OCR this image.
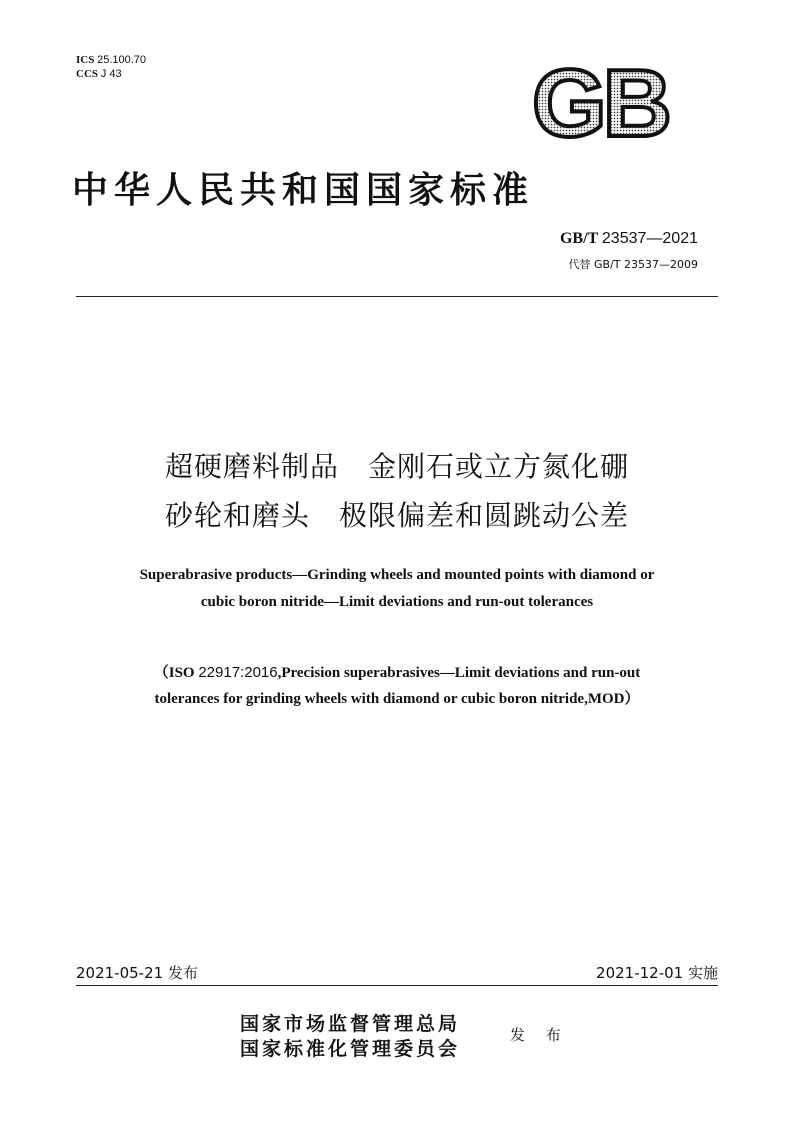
ICS 25.100.70
CCS J 43	GB
中华人民共和国国家标准
GB/T 23537—2021
代替 GB/T 23537—2009
超硬磨料制品　金刚石或立方氮化硼
砂轮和磨头　极限偏差和圆跳动公差
Superabrasive products—Grinding wheels and mounted points with diamond or
cubic boron nitride—Limit deviations and run-out tolerances
（ISO 22917:2016,Precision superabrasives—Limit deviations and run-out
tolerances for grinding wheels with diamond or cubic boron nitride,MOD）
2021-05-21 发布	2021-12-01 实施
国家市场监督管理总局
国家标准化管理委员会
发 布
